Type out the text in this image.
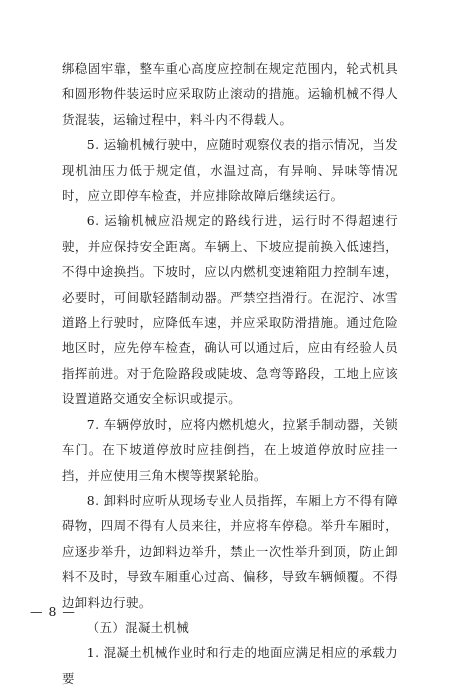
绑稳固牢靠，整车重心高度应控制在规定范围内，轮式机具和圆形物件装运时应采取防止滚动的措施。运输机械不得人货混装，运输过程中，料斗内不得载人。

5. 运输机械行驶中，应随时观察仪表的指示情况，当发现机油压力低于规定值，水温过高，有异响、异味等情况时，应立即停车检查，并应排除故障后继续运行。

6. 运输机械应沿规定的路线行进，运行时不得超速行驶，并应保持安全距离。车辆上、下坡应提前换入低速挡，不得中途换挡。下坡时，应以内燃机变速箱阻力控制车速，必要时，可间歇轻踏制动器。严禁空挡滑行。在泥泞、冰雪道路上行驶时，应降低车速，并应采取防滑措施。通过危险地区时，应先停车检查，确认可以通过后，应由有经验人员指挥前进。对于危险路段或陡坡、急弯等路段，工地上应该设置道路交通安全标识或提示。

7. 车辆停放时，应将内燃机熄火，拉紧手制动器，关锁车门。在下坡道停放时应挂倒挡，在上坡道停放时应挂一挡，并应使用三角木楔等揳紧轮胎。

8. 卸料时应听从现场专业人员指挥，车厢上方不得有障碍物，四周不得有人员来往，并应将车停稳。举升车厢时，应逐步举升，边卸料边举升，禁止一次性举升到顶，防止卸料不及时，导致车厢重心过高、偏移，导致车辆倾覆。不得边卸料边行驶。

（五）混凝土机械

1. 混凝土机械作业时和行走的地面应满足相应的承载力要

— 8 —
